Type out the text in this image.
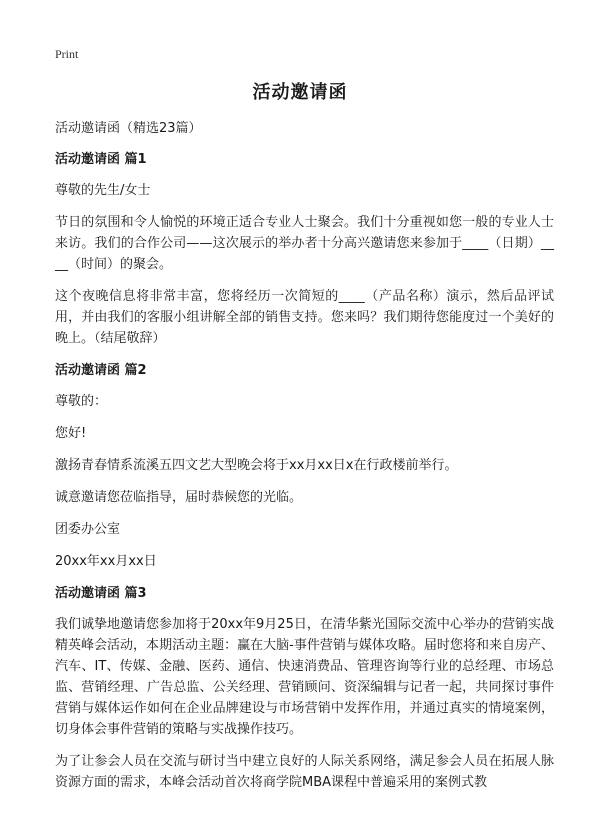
Print
活动邀请函

活动邀请函（精选23篇）

活动邀请函 篇1

尊敬的先生/女士

节日的氛围和令人愉悦的环境正适合专业人士聚会。我们十分重视如您一般的专业人士来访。我们的合作公司——这次展示的举办者十分高兴邀请您来参加于____（日期）____（时间）的聚会。

这个夜晚信息将非常丰富，您将经历一次简短的____（产品名称）演示，然后品评试用，并由我们的客服小组讲解全部的销售支持。您来吗？我们期待您能度过一个美好的晚上。（结尾敬辞）

活动邀请函 篇2

尊敬的：

您好!

激扬青春情系流溪五四文艺大型晚会将于xx月xx日x在行政楼前举行。

诚意邀请您莅临指导，届时恭候您的光临。

团委办公室

20xx年xx月xx日

活动邀请函 篇3

我们诚挚地邀请您参加将于20xx年9月25日，在清华紫光国际交流中心举办的营销实战精英峰会活动，本期活动主题：赢在大脑-事件营销与媒体攻略。届时您将和来自房产、汽车、IT、传媒、金融、医药、通信、快速消费品、管理咨询等行业的总经理、市场总监、营销经理、广告总监、公关经理、营销顾问、资深编辑与记者一起，共同探讨事件营销与媒体运作如何在企业品牌建设与市场营销中发挥作用，并通过真实的情境案例，切身体会事件营销的策略与实战操作技巧。

为了让参会人员在交流与研讨当中建立良好的人际关系网络，满足参会人员在拓展人脉资源方面的需求，本峰会活动首次将商学院MBA课程中普遍采用的案例式教
